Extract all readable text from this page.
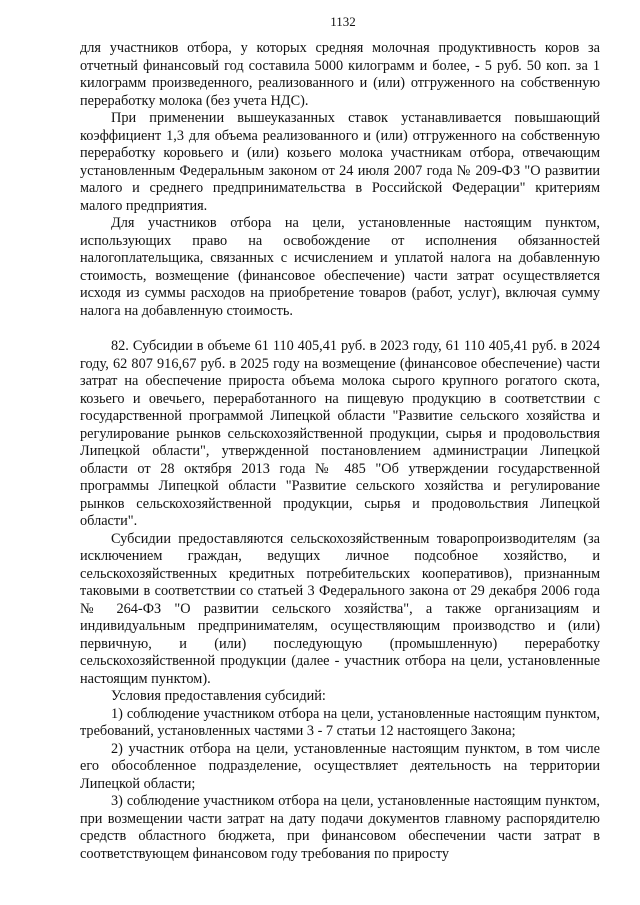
1132

для участников отбора, у которых средняя молочная продуктивность коров за отчетный финансовый год составила 5000 килограмм и более, - 5 руб. 50 коп. за 1 килограмм произведенного, реализованного и (или) отгруженного на собственную переработку молока (без учета НДС).

При применении вышеуказанных ставок устанавливается повышающий коэффициент 1,3 для объема реализованного и (или) отгруженного на собственную переработку коровьего и (или) козьего молока участникам отбора, отвечающим установленным Федеральным законом от 24 июля 2007 года № 209-ФЗ "О развитии малого и среднего предпринимательства в Российской Федерации" критериям малого предприятия.

Для участников отбора на цели, установленные настоящим пунктом, использующих право на освобождение от исполнения обязанностей налогоплательщика, связанных с исчислением и уплатой налога на добавленную стоимость, возмещение (финансовое обеспечение) части затрат осуществляется исходя из суммы расходов на приобретение товаров (работ, услуг), включая сумму налога на добавленную стоимость.

82. Субсидии в объеме 61 110 405,41 руб. в 2023 году, 61 110 405,41 руб. в 2024 году, 62 807 916,67 руб. в 2025 году на возмещение (финансовое обеспечение) части затрат на обеспечение прироста объема молока сырого крупного рогатого скота, козьего и овечьего, переработанного на пищевую продукцию в соответствии с государственной программой Липецкой области "Развитие сельского хозяйства и регулирование рынков сельскохозяйственной продукции, сырья и продовольствия Липецкой области", утвержденной постановлением администрации Липецкой области от 28 октября 2013 года № 485 "Об утверждении государственной программы Липецкой области "Развитие сельского хозяйства и регулирование рынков сельскохозяйственной продукции, сырья и продовольствия Липецкой области".

Субсидии предоставляются сельскохозяйственным товаропроизводителям (за исключением граждан, ведущих личное подсобное хозяйство, и сельскохозяйственных кредитных потребительских кооперативов), признанным таковыми в соответствии со статьей 3 Федерального закона от 29 декабря 2006 года № 264-ФЗ "О развитии сельского хозяйства", а также организациям и индивидуальным предпринимателям, осуществляющим производство и (или) первичную, и (или) последующую (промышленную) переработку сельскохозяйственной продукции (далее - участник отбора на цели, установленные настоящим пунктом).

Условия предоставления субсидий:

1) соблюдение участником отбора на цели, установленные настоящим пунктом, требований, установленных частями 3 - 7 статьи 12 настоящего Закона;

2) участник отбора на цели, установленные настоящим пунктом, в том числе его обособленное подразделение, осуществляет деятельность на территории Липецкой области;

3) соблюдение участником отбора на цели, установленные настоящим пунктом, при возмещении части затрат на дату подачи документов главному распорядителю средств областного бюджета, при финансовом обеспечении части затрат в соответствующем финансовом году требования по приросту
